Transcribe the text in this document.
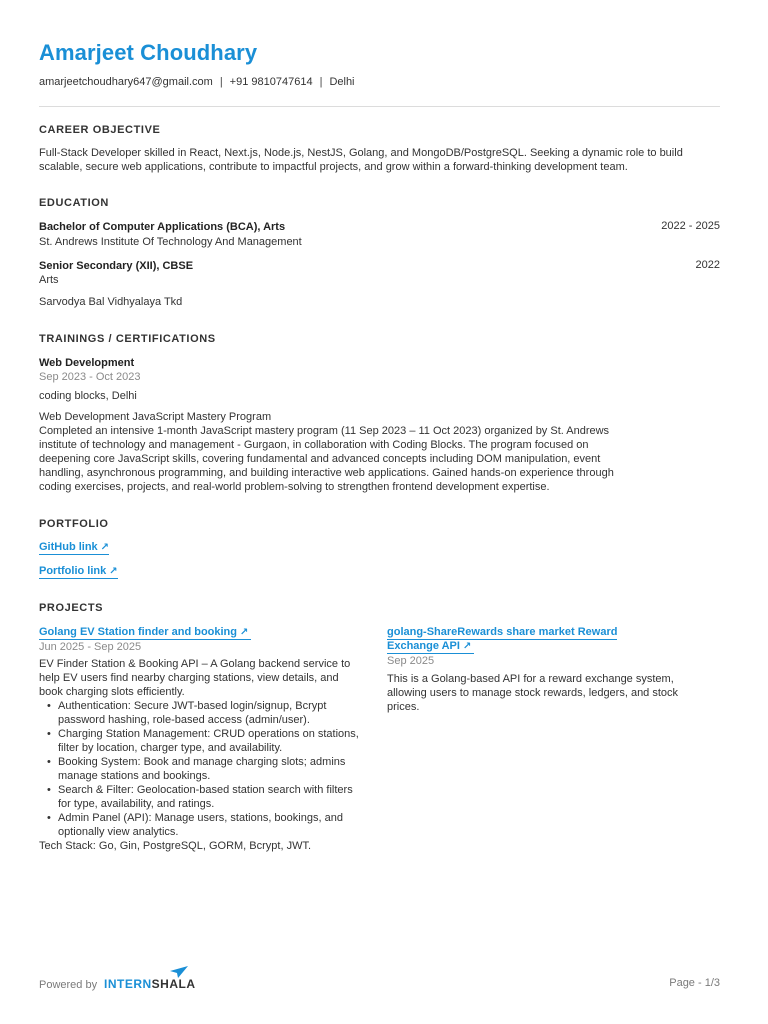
Amarjeet Choudhary
amarjeetchoudhary647@gmail.com | +91 9810747614 | Delhi
CAREER OBJECTIVE
Full-Stack Developer skilled in React, Next.js, Node.js, NestJS, Golang, and MongoDB/PostgreSQL. Seeking a dynamic role to build scalable, secure web applications, contribute to impactful projects, and grow within a forward-thinking development team.
EDUCATION
Bachelor of Computer Applications (BCA), Arts	2022 - 2025
St. Andrews Institute Of Technology And Management
Senior Secondary (XII), CBSE	2022
Arts
Sarvodya Bal Vidhyalaya Tkd
TRAININGS / CERTIFICATIONS
Web Development
Sep 2023 - Oct 2023
coding blocks, Delhi
Web Development JavaScript Mastery Program
Completed an intensive 1-month JavaScript mastery program (11 Sep 2023 – 11 Oct 2023) organized by St. Andrews
institute of technology and management - Gurgaon, in collaboration with Coding Blocks. The program focused on
deepening core JavaScript skills, covering fundamental and advanced concepts including DOM manipulation, event
handling, asynchronous programming, and building interactive web applications. Gained hands-on experience through
coding exercises, projects, and real-world problem-solving to strengthen frontend development expertise.
PORTFOLIO
GitHub link ↗
Portfolio link ↗
PROJECTS
Golang EV Station finder and booking ↗
Jun 2025 - Sep 2025
EV Finder Station & Booking API – A Golang backend service to
help EV users find nearby charging stations, view details, and
book charging slots efficiently.
• Authentication: Secure JWT-based login/signup, Bcrypt
password hashing, role-based access (admin/user).
• Charging Station Management: CRUD operations on stations,
filter by location, charger type, and availability.
• Booking System: Book and manage charging slots; admins
manage stations and bookings.
• Search & Filter: Geolocation-based station search with filters
for type, availability, and ratings.
• Admin Panel (API): Manage users, stations, bookings, and
optionally view analytics.
Tech Stack: Go, Gin, PostgreSQL, GORM, Bcrypt, JWT.
golang-ShareRewards share market Reward
Exchange API ↗
Sep 2025
This is a Golang-based API for a reward exchange system,
allowing users to manage stock rewards, ledgers, and stock
prices.
Powered by INTERNSHALA	Page - 1/3
